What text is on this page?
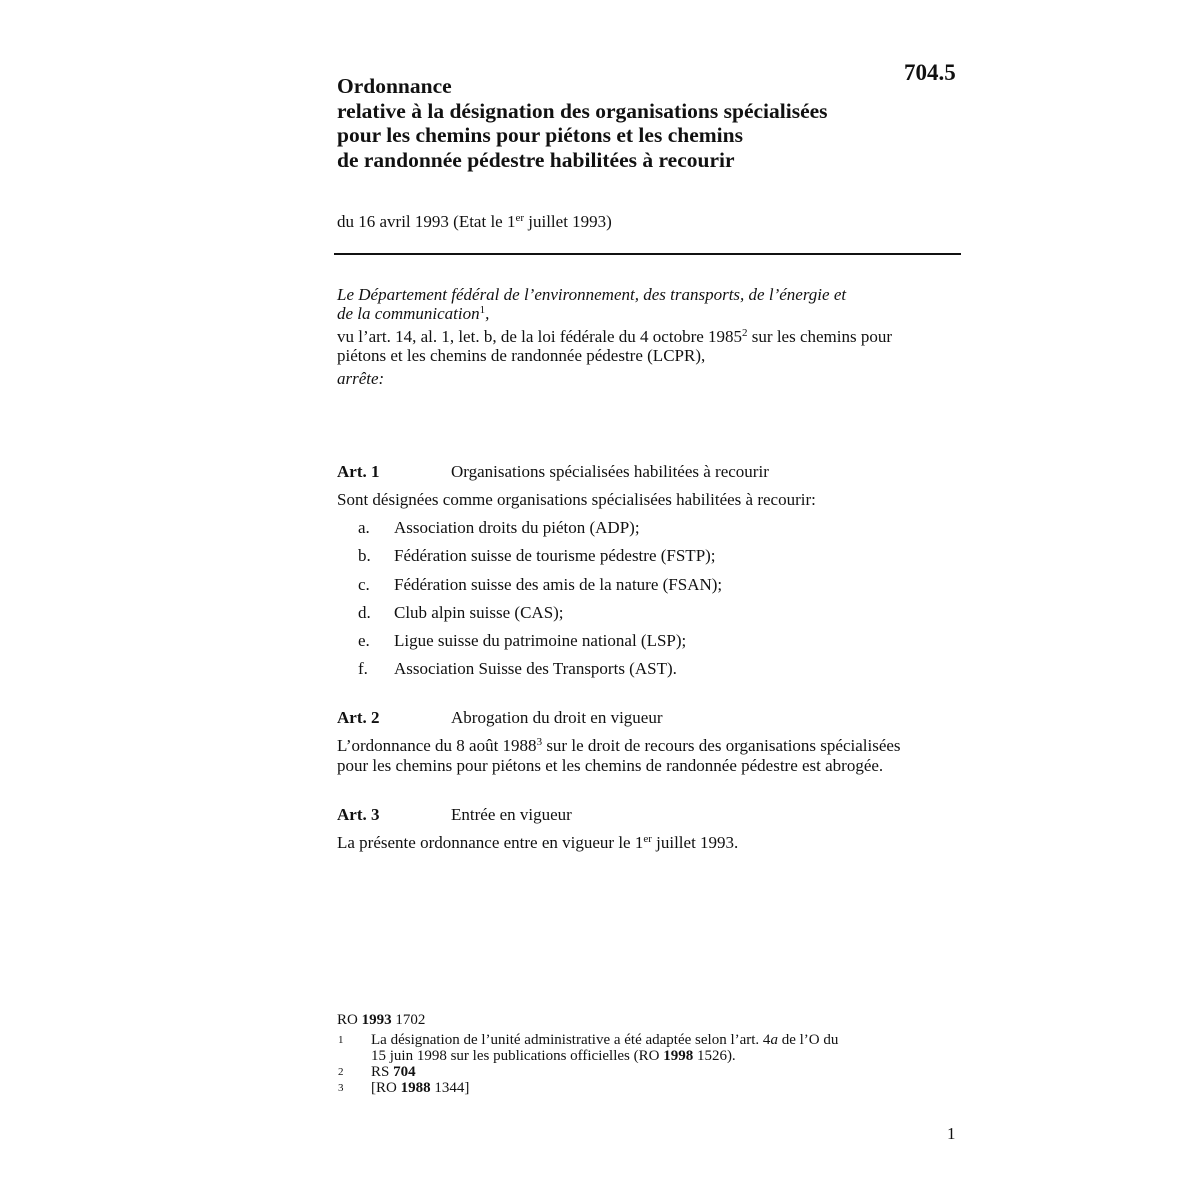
704.5
Ordonnance
relative à la désignation des organisations spécialisées
pour les chemins pour piétons et les chemins
de randonnée pédestre habilitées à recourir
du 16 avril 1993 (Etat le 1er juillet 1993)
Le Département fédéral de l’environnement, des transports, de l’énergie et
de la communication$^1$,
vu l’art. 14, al. 1, let. b, de la loi fédérale du 4 octobre 1985$^2$ sur les chemins pour
piétons et les chemins de randonnée pédestre (LCPR),
arrête:
Art. 1	Organisations spécialisées habilitées à recourir
Sont désignées comme organisations spécialisées habilitées à recourir:
a. Association droits du piéton (ADP);
b. Fédération suisse de tourisme pédestre (FSTP);
c. Fédération suisse des amis de la nature (FSAN);
d. Club alpin suisse (CAS);
e. Ligue suisse du patrimoine national (LSP);
f. Association Suisse des Transports (AST).
Art. 2	Abrogation du droit en vigueur
L’ordonnance du 8 août 1988$^3$ sur le droit de recours des organisations spécialisées
pour les chemins pour piétons et les chemins de randonnée pédestre est abrogée.
Art. 3	Entrée en vigueur
La présente ordonnance entre en vigueur le 1er juillet 1993.
RO 1993 1702
1 La désignation de l’unité administrative a été adaptée selon l’art. 4a de l’O du
15 juin 1998 sur les publications officielles (RO 1998 1526).
2 RS 704
3 [RO 1988 1344]
1
